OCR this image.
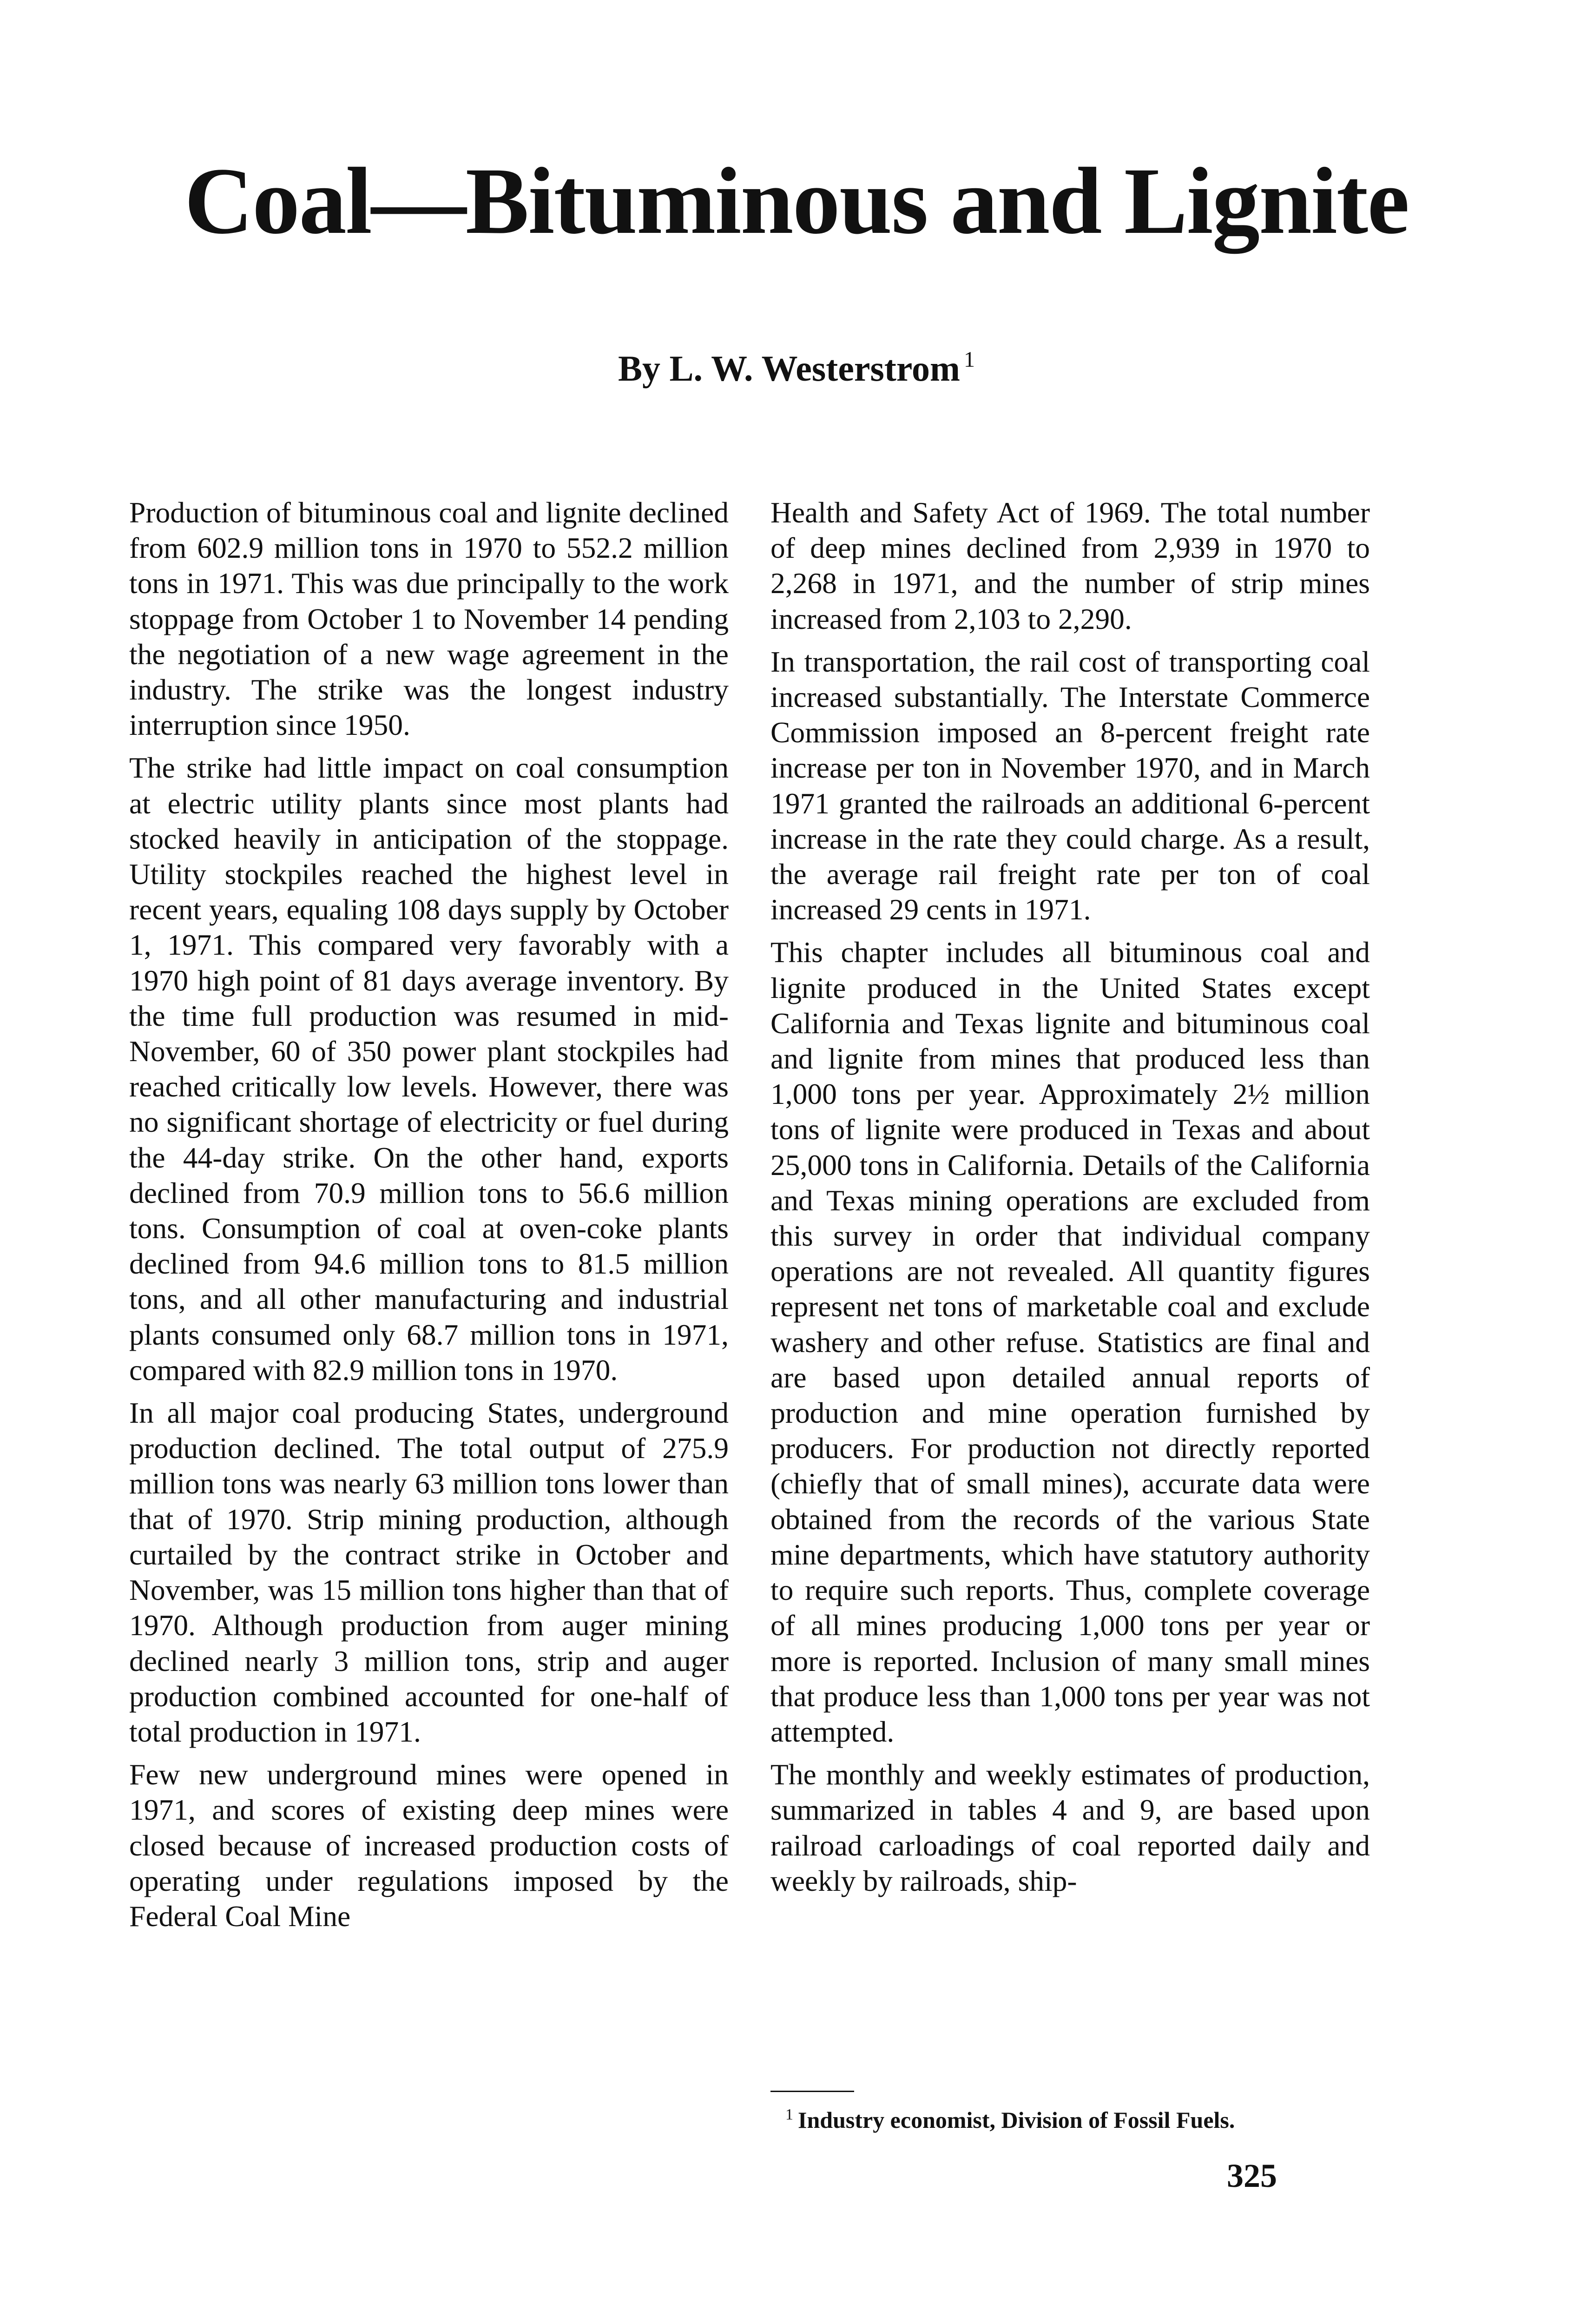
Coal—Bituminous and Lignite
By L. W. Westerstrom $^1$

Production of bituminous coal and lignite declined from 602.9 million tons in 1970 to 552.2 million tons in 1971. This was due principally to the work stoppage from October 1 to November 14 pending the negotiation of a new wage agreement in the industry. The strike was the longest industry interruption since 1950.

The strike had little impact on coal consumption at electric utility plants since most plants had stocked heavily in anticipation of the stoppage. Utility stockpiles reached the highest level in recent years, equaling 108 days supply by October 1, 1971. This compared very favorably with a 1970 high point of 81 days average inventory. By the time full production was resumed in mid-November, 60 of 350 power plant stockpiles had reached critically low levels. However, there was no significant shortage of electricity or fuel during the 44-day strike. On the other hand, exports declined from 70.9 million tons to 56.6 million tons. Consumption of coal at oven-coke plants declined from 94.6 million tons to 81.5 million tons, and all other manufacturing and industrial plants consumed only 68.7 million tons in 1971, compared with 82.9 million tons in 1970.

In all major coal producing States, underground production declined. The total output of 275.9 million tons was nearly 63 million tons lower than that of 1970. Strip mining production, although curtailed by the contract strike in October and November, was 15 million tons higher than that of 1970. Although production from auger mining declined nearly 3 million tons, strip and auger production combined accounted for one-half of total production in 1971.

Few new underground mines were opened in 1971, and scores of existing deep mines were closed because of increased production costs of operating under regulations imposed by the Federal Coal Mine

Health and Safety Act of 1969. The total number of deep mines declined from 2,939 in 1970 to 2,268 in 1971, and the number of strip mines increased from 2,103 to 2,290.

In transportation, the rail cost of transporting coal increased substantially. The Interstate Commerce Commission imposed an 8-percent freight rate increase per ton in November 1970, and in March 1971 granted the railroads an additional 6-percent increase in the rate they could charge. As a result, the average rail freight rate per ton of coal increased 29 cents in 1971.

This chapter includes all bituminous coal and lignite produced in the United States except California and Texas lignite and bituminous coal and lignite from mines that produced less than 1,000 tons per year. Approximately 2½ million tons of lignite were produced in Texas and about 25,000 tons in California. Details of the California and Texas mining operations are excluded from this survey in order that individual company operations are not revealed. All quantity figures represent net tons of marketable coal and exclude washery and other refuse. Statistics are final and are based upon detailed annual reports of production and mine operation furnished by producers. For production not directly reported (chiefly that of small mines), accurate data were obtained from the records of the various State mine departments, which have statutory authority to require such reports. Thus, complete coverage of all mines producing 1,000 tons per year or more is reported. Inclusion of many small mines that produce less than 1,000 tons per year was not attempted.

The monthly and weekly estimates of production, summarized in tables 4 and 9, are based upon railroad carloadings of coal reported daily and weekly by railroads, ship-

$^1$ Industry economist, Division of Fossil Fuels.
325
